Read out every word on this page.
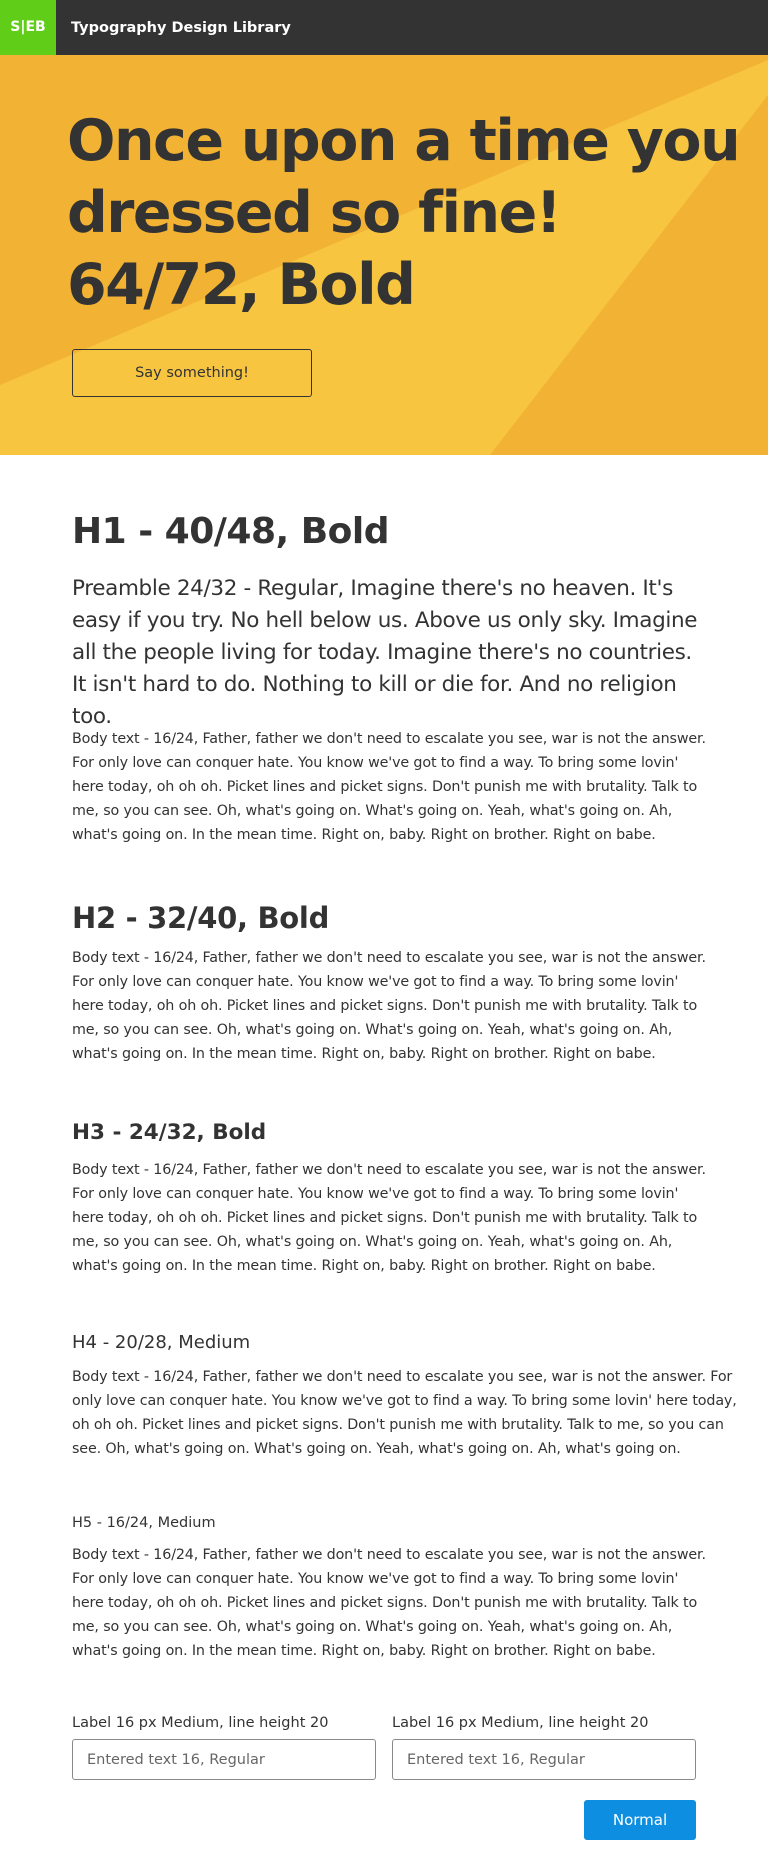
S|EB	Typography Design Library
Once upon a time you
dressed so fine!
64/72, Bold
Say something!
H1 - 40/48, Bold

Preamble 24/32 - Regular, Imagine there's no heaven. It's easy if you try. No hell below us. Above us only sky. Imagine all the people living for today. Imagine there's no countries. It isn't hard to do. Nothing to kill or die for. And no religion too.

Body text - 16/24, Father, father we don't need to escalate you see, war is not the answer. For only love can conquer hate. You know we've got to find a way. To bring some lovin' here today, oh oh oh. Picket lines and picket signs. Don't punish me with brutality. Talk to me, so you can see. Oh, what's going on. What's going on. Yeah, what's going on. Ah, what's going on. In the mean time. Right on, baby. Right on brother. Right on babe.

H2 - 32/40, Bold

Body text - 16/24, Father, father we don't need to escalate you see, war is not the answer. For only love can conquer hate. You know we've got to find a way. To bring some lovin' here today, oh oh oh. Picket lines and picket signs. Don't punish me with brutality. Talk to me, so you can see. Oh, what's going on. What's going on. Yeah, what's going on. Ah, what's going on. In the mean time. Right on, baby. Right on brother. Right on babe.

H3 - 24/32, Bold

Body text - 16/24, Father, father we don't need to escalate you see, war is not the answer. For only love can conquer hate. You know we've got to find a way. To bring some lovin' here today, oh oh oh. Picket lines and picket signs. Don't punish me with brutality. Talk to me, so you can see. Oh, what's going on. What's going on. Yeah, what's going on. Ah, what's going on. In the mean time. Right on, baby. Right on brother. Right on babe.

H4 - 20/28, Medium

Body text - 16/24, Father, father we don't need to escalate you see, war is not the answer. For only love can conquer hate. You know we've got to find a way. To bring some lovin' here today, oh oh oh. Picket lines and picket signs. Don't punish me with brutality. Talk to me, so you can see. Oh, what's going on. What's going on. Yeah, what's going on. Ah, what's going on.

H5 - 16/24, Medium

Body text - 16/24, Father, father we don't need to escalate you see, war is not the answer. For only love can conquer hate. You know we've got to find a way. To bring some lovin' here today, oh oh oh. Picket lines and picket signs. Don't punish me with brutality. Talk to me, so you can see. Oh, what's going on. What's going on. Yeah, what's going on. Ah, what's going on. In the mean time. Right on, baby. Right on brother. Right on babe.

Label 16 px Medium, line height 20
Entered text 16, Regular	Label 16 px Medium, line height 20
Entered text 16, Regular
Normal
